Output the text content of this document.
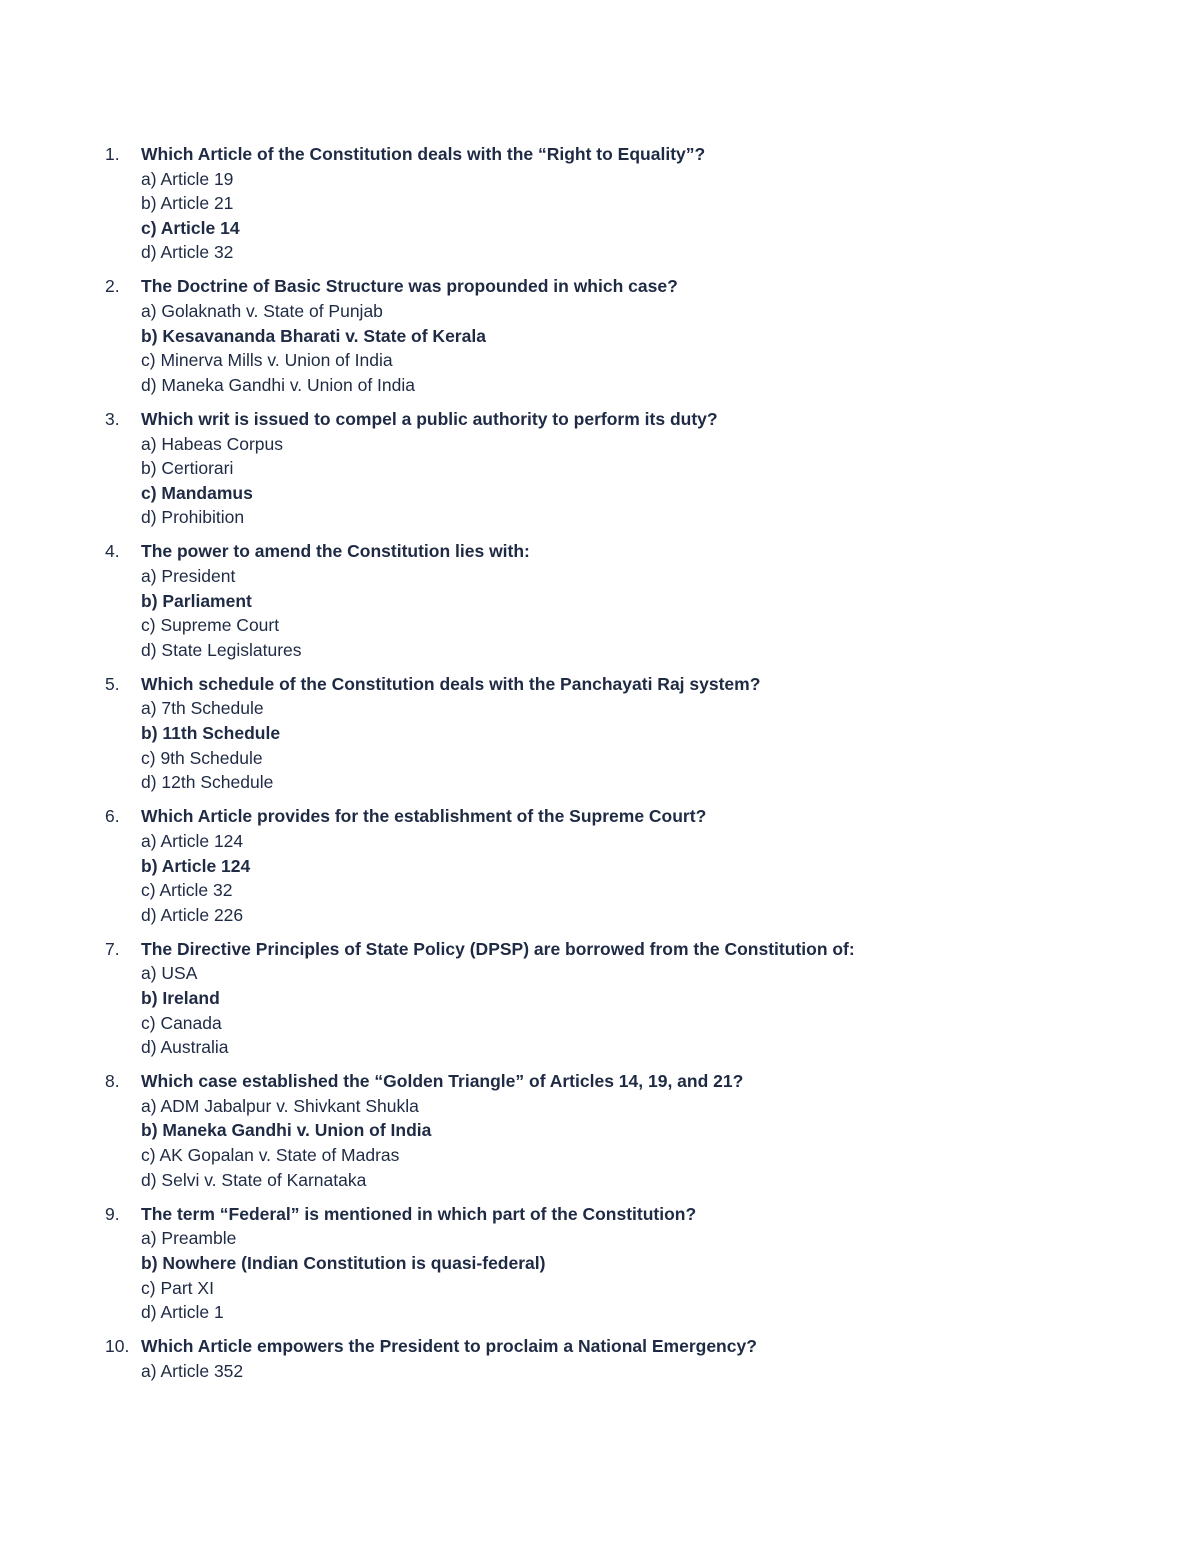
1.	Which Article of the Constitution deals with the “Right to Equality”?
a) Article 19
b) Article 21
c) Article 14
d) Article 32
2.	The Doctrine of Basic Structure was propounded in which case?
a) Golaknath v. State of Punjab
b) Kesavananda Bharati v. State of Kerala
c) Minerva Mills v. Union of India
d) Maneka Gandhi v. Union of India
3.	Which writ is issued to compel a public authority to perform its duty?
a) Habeas Corpus
b) Certiorari
c) Mandamus
d) Prohibition
4.	The power to amend the Constitution lies with:
a) President
b) Parliament
c) Supreme Court
d) State Legislatures
5.	Which schedule of the Constitution deals with the Panchayati Raj system?
a) 7th Schedule
b) 11th Schedule
c) 9th Schedule
d) 12th Schedule
6.	Which Article provides for the establishment of the Supreme Court?
a) Article 124
b) Article 124
c) Article 32
d) Article 226
7.	The Directive Principles of State Policy (DPSP) are borrowed from the Constitution of:
a) USA
b) Ireland
c) Canada
d) Australia
8.	Which case established the “Golden Triangle” of Articles 14, 19, and 21?
a) ADM Jabalpur v. Shivkant Shukla
b) Maneka Gandhi v. Union of India
c) AK Gopalan v. State of Madras
d) Selvi v. State of Karnataka
9.	The term “Federal” is mentioned in which part of the Constitution?
a) Preamble
b) Nowhere (Indian Constitution is quasi-federal)
c) Part XI
d) Article 1
10. Which Article empowers the President to proclaim a National Emergency?
a) Article 352
